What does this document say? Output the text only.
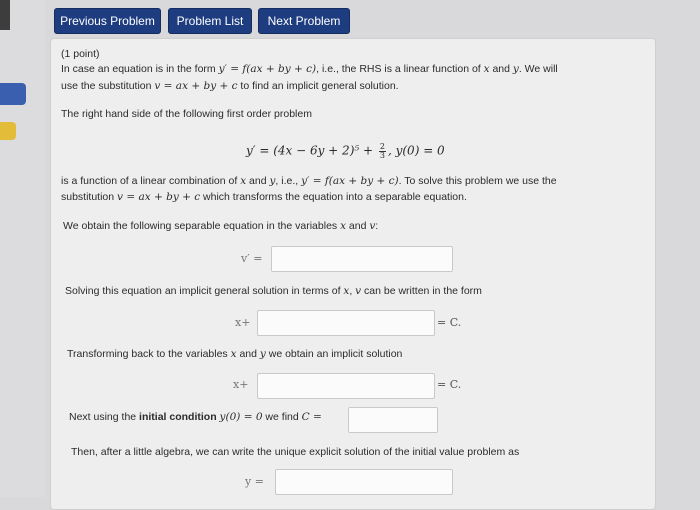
Previous Problem	Problem List	Next Problem
(1 point)
In case an equation is in the form y′ = f(ax + by + c), i.e., the RHS is a linear function of x and y. We will
use the substitution v = ax + by + c to find an implicit general solution.
The right hand side of the following first order problem
$y' = (4x - 6y + 2)^5 + \frac{2}{3}$ , y(0) = 0
is a function of a linear combination of x and y, i.e., y′ = f(ax + by + c). To solve this problem we use the
substitution v = ax + by + c which transforms the equation into a separable equation.
We obtain the following separable equation in the variables x and v:
v′ =
Solving this equation an implicit general solution in terms of x, v can be written in the form
x+	= C.
Transforming back to the variables x and y we obtain an implicit solution
x+	= C.
Next using the initial condition y(0) = 0 we find C =
Then, after a little algebra, we can write the unique explicit solution of the initial value problem as
y =
